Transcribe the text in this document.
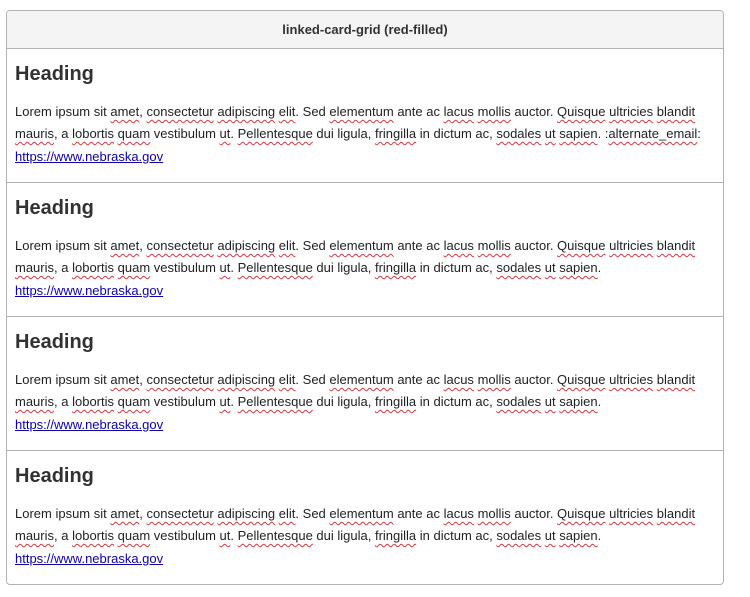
linked-card-grid (red-filled)
Heading

Lorem ipsum sit amet, consectetur adipiscing elit. Sed elementum ante ac lacus mollis auctor. Quisque ultricies blandit mauris, a lobortis quam vestibulum ut. Pellentesque dui ligula, fringilla in dictum ac, sodales ut sapien. :alternate_email:

https://www.nebraska.gov
Heading

Lorem ipsum sit amet, consectetur adipiscing elit. Sed elementum ante ac lacus mollis auctor. Quisque ultricies blandit mauris, a lobortis quam vestibulum ut. Pellentesque dui ligula, fringilla in dictum ac, sodales ut sapien.

https://www.nebraska.gov
Heading

Lorem ipsum sit amet, consectetur adipiscing elit. Sed elementum ante ac lacus mollis auctor. Quisque ultricies blandit mauris, a lobortis quam vestibulum ut. Pellentesque dui ligula, fringilla in dictum ac, sodales ut sapien.

https://www.nebraska.gov
Heading

Lorem ipsum sit amet, consectetur adipiscing elit. Sed elementum ante ac lacus mollis auctor. Quisque ultricies blandit mauris, a lobortis quam vestibulum ut. Pellentesque dui ligula, fringilla in dictum ac, sodales ut sapien.

https://www.nebraska.gov
